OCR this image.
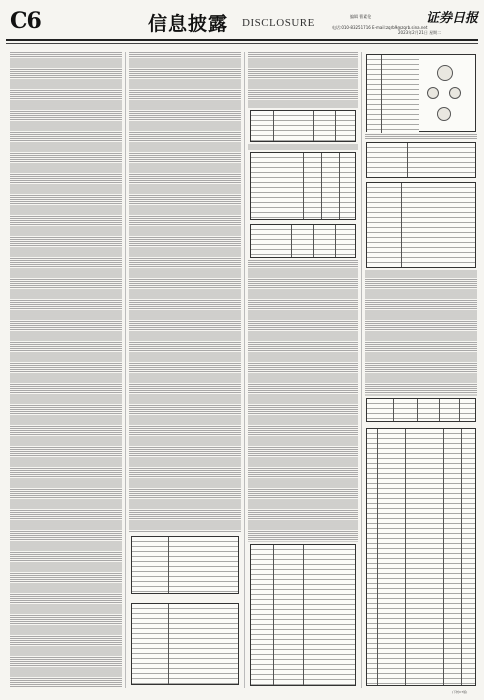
C6	信息披露 DISCLOSURE
编辑 曹素伦
电话:010-83251716 E-mail:zqrb9@zqrb.sina.net
证券日报
2023年2月21日 星期二
(下转C7版)
